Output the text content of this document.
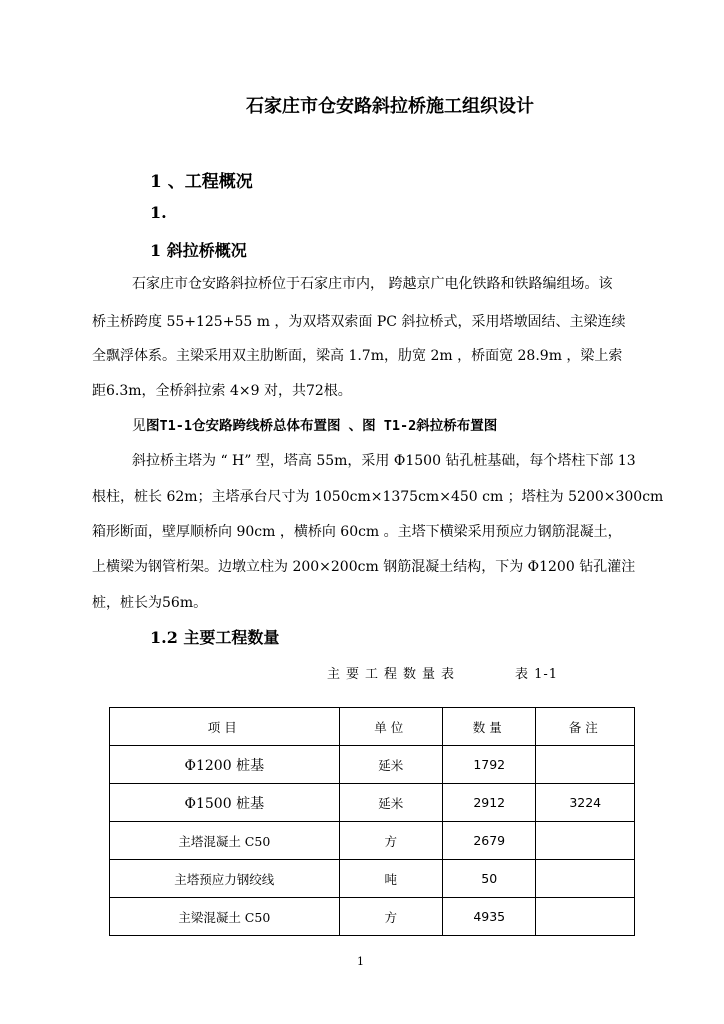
石家庄市仓安路斜拉桥施工组织设计
1 、工程概况
1.
1 斜拉桥概况
石家庄市仓安路斜拉桥位于石家庄市内， 跨越京广电化铁路和铁路编组场。该
桥主桥跨度 55+125+55 m ，为双塔双索面 PC 斜拉桥式，采用塔墩固结、主梁连续
全飘浮体系。主梁采用双主肋断面，梁高 1.7m，肋宽 2m ，桥面宽 28.9m ，梁上索
距6.3m，全桥斜拉索 4×9 对，共72根。
见图T1-1仓安路跨线桥总体布置图 、图 T1-2斜拉桥布置图
斜拉桥主塔为 “ H” 型，塔高 55m，采用 Φ1500 钻孔桩基础，每个塔柱下部 13
根柱，桩长 62m；主塔承台尺寸为 1050cm×1375cm×450 cm ；塔柱为 5200×300cm
箱形断面，壁厚顺桥向 90cm ，横桥向 60cm 。主塔下横梁采用预应力钢筋混凝土，
上横梁为钢管桁架。边墩立柱为 200×200cm 钢筋混凝土结构，下为 Φ1200 钻孔灌注
桩，桩长为56m。
1.2 主要工程数量
主要工程数量表	表 1-1
项目	单位	数量	备注
Φ1200 桩基	延米	1792	
Φ1500 桩基	延米	2912	3224
主塔混凝土 C50	方	2679	
主塔预应力钢绞线	吨	50	
主梁混凝土 C50	方	4935	
1
